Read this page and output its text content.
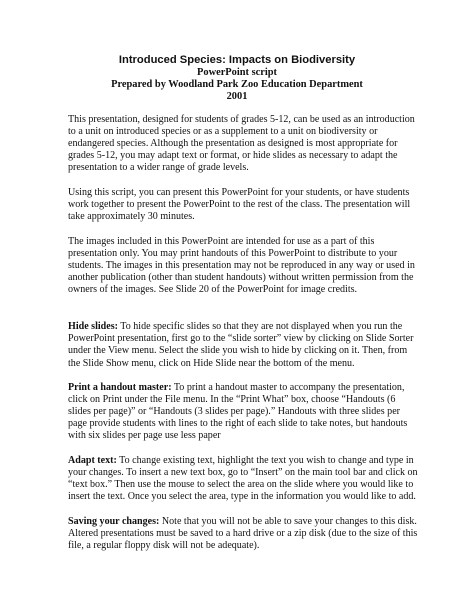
Introduced Species: Impacts on Biodiversity

PowerPoint script

Prepared by Woodland Park Zoo Education Department

2001

This presentation, designed for students of grades 5-12, can be used as an introduction to a unit on introduced species or as a supplement to a unit on biodiversity or endangered species. Although the presentation as designed is most appropriate for grades 5-12, you may adapt text or format, or hide slides as necessary to adapt the presentation to a wider range of grade levels.

Using this script, you can present this PowerPoint for your students, or have students work together to present the PowerPoint to the rest of the class. The presentation will take approximately 30 minutes.

The images included in this PowerPoint are intended for use as a part of this presentation only. You may print handouts of this PowerPoint to distribute to your students. The images in this presentation may not be reproduced in any way or used in another publication (other than student handouts) without written permission from the owners of the images. See Slide 20 of the PowerPoint for image credits.

Hide slides: To hide specific slides so that they are not displayed when you run the PowerPoint presentation, first go to the “slide sorter” view by clicking on Slide Sorter under the View menu. Select the slide you wish to hide by clicking on it. Then, from the Slide Show menu, click on Hide Slide near the bottom of the menu.

Print a handout master: To print a handout master to accompany the presentation, click on Print under the File menu. In the “Print What” box, choose “Handouts (6 slides per page)” or “Handouts (3 slides per page).” Handouts with three slides per page provide students with lines to the right of each slide to take notes, but handouts with six slides per page use less paper

Adapt text: To change existing text, highlight the text you wish to change and type in your changes. To insert a new text box, go to “Insert” on the main tool bar and click on “text box.” Then use the mouse to select the area on the slide where you would like to insert the text. Once you select the area, type in the information you would like to add.

Saving your changes: Note that you will not be able to save your changes to this disk. Altered presentations must be saved to a hard drive or a zip disk (due to the size of this file, a regular floppy disk will not be adequate).
